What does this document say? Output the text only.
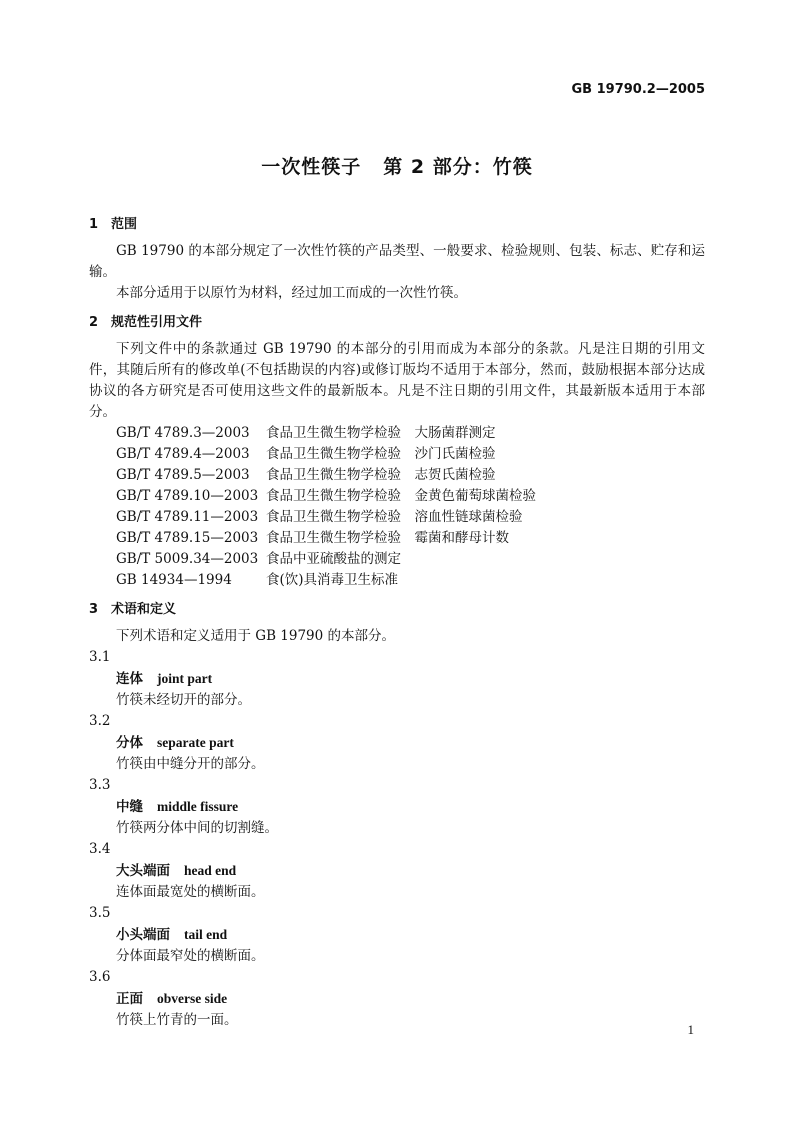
GB 19790.2—2005
一次性筷子 第 2 部分：竹筷
1 范围

GB 19790 的本部分规定了一次性竹筷的产品类型、一般要求、检验规则、包装、标志、贮存和运输。

本部分适用于以原竹为材料，经过加工而成的一次性竹筷。

2 规范性引用文件

下列文件中的条款通过 GB 19790 的本部分的引用而成为本部分的条款。凡是注日期的引用文件，其随后所有的修改单(不包括勘误的内容)或修订版均不适用于本部分，然而，鼓励根据本部分达成协议的各方研究是否可使用这些文件的最新版本。凡是不注日期的引用文件，其最新版本适用于本部分。

GB/T 4789.3—2003 食品卫生微生物学检验　大肠菌群测定
GB/T 4789.4—2003 食品卫生微生物学检验　沙门氏菌检验
GB/T 4789.5—2003 食品卫生微生物学检验　志贺氏菌检验
GB/T 4789.10—2003 食品卫生微生物学检验　金黄色葡萄球菌检验
GB/T 4789.11—2003 食品卫生微生物学检验　溶血性链球菌检验
GB/T 4789.15—2003 食品卫生微生物学检验　霉菌和酵母计数
GB/T 5009.34—2003 食品中亚硫酸盐的测定
GB 14934—1994	食(饮)具消毒卫生标准
3 术语和定义

下列术语和定义适用于 GB 19790 的本部分。

3.1
连体 joint part
竹筷未经切开的部分。
3.2
分体 separate part
竹筷由中缝分开的部分。
3.3
中缝 middle fissure
竹筷两分体中间的切割缝。
3.4
大头端面 head end
连体面最宽处的横断面。
3.5
小头端面 tail end
分体面最窄处的横断面。
3.6
正面 obverse side
竹筷上竹青的一面。
1
